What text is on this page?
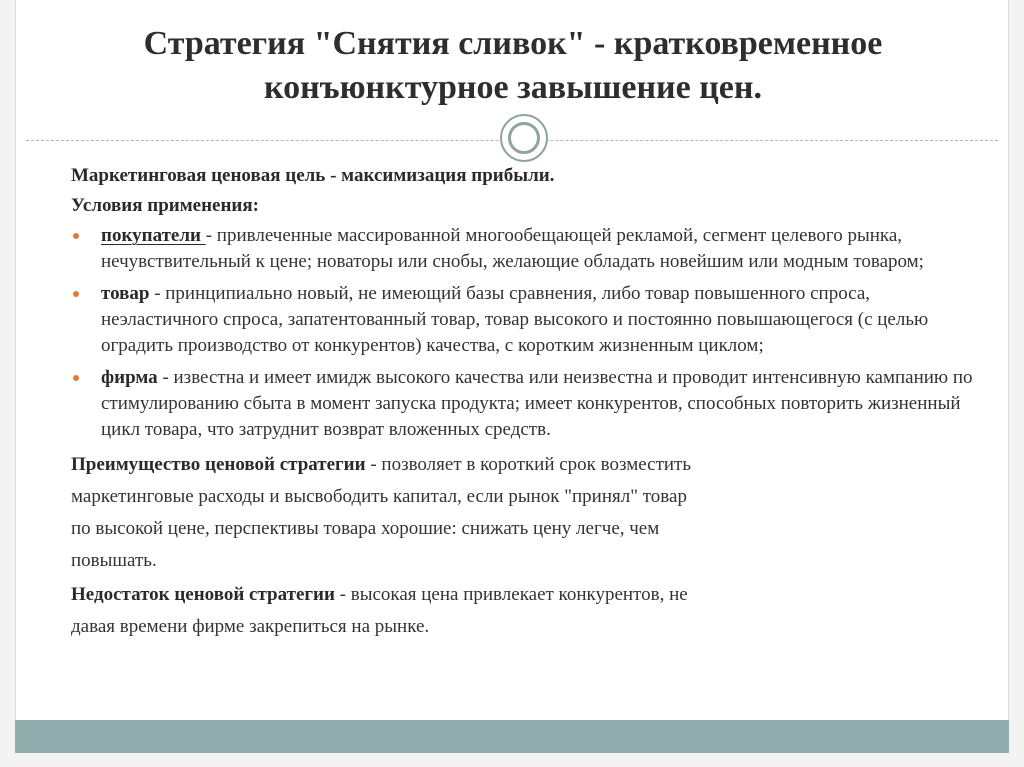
Стратегия "Снятия сливок" - кратковременное
конъюнктурное завышение цен.

Маркетинговая ценовая цель - максимизация прибыли.

Условия применения:

покупатели - привлеченные массированной многообещающей рекламой, сегмент целевого рынка, нечувствительный к цене; новаторы или снобы, желающие обладать новейшим или модным товаром;
товар - принципиально новый, не имеющий базы сравнения, либо товар повышенного спроса, неэластичного спроса, запатентованный товар, товар высокого и постоянно повышающегося (с целью оградить производство от конкурентов) качества, с коротким жизненным циклом;
фирма - известна и имеет имидж высокого качества или неизвестна и проводит интенсивную кампанию по стимулированию сбыта в момент запуска продукта; имеет конкурентов, способных повторить жизненный цикл товара, что затруднит возврат вложенных средств.
Преимущество ценовой стратегии - позволяет в короткий срок возместить
маркетинговые расходы и высвободить капитал, если рынок "принял" товар
по высокой цене, перспективы товара хорошие: снижать цену легче, чем
повышать.
Недостаток ценовой стратегии - высокая цена привлекает конкурентов, не
давая времени фирме закрепиться на рынке.
